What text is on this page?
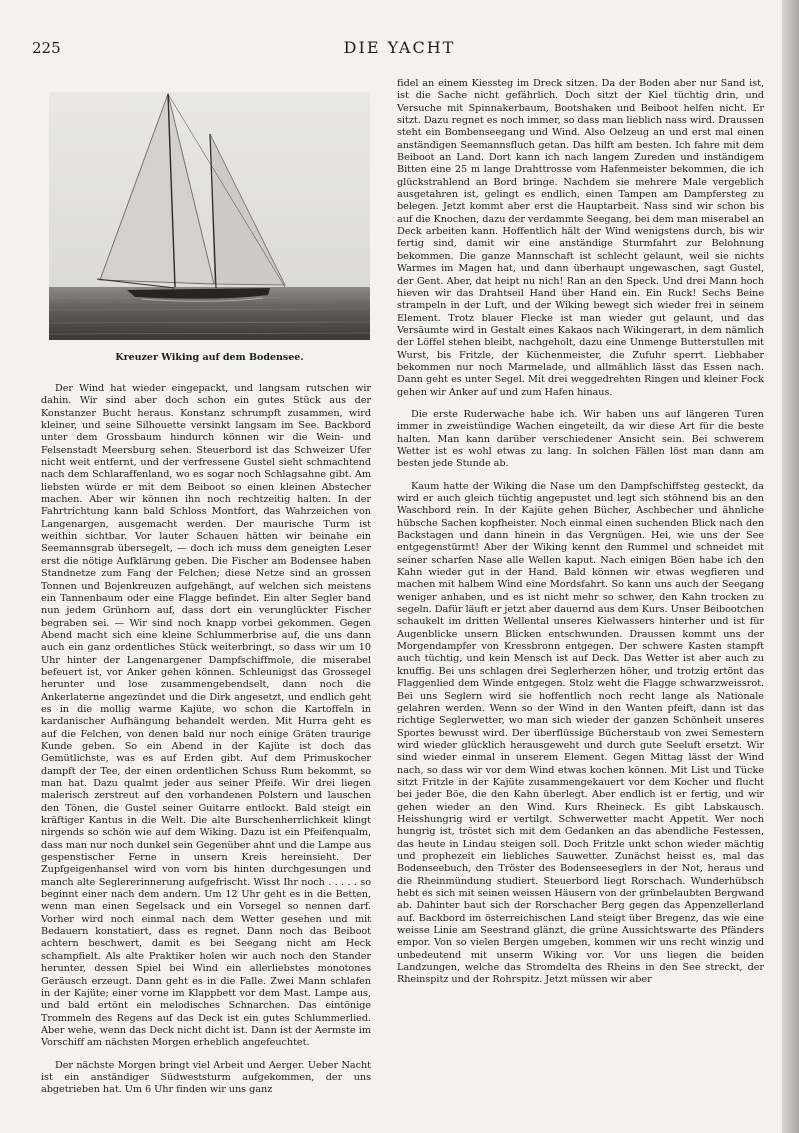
225	DIE YACHT
Kreuzer Wiking auf dem Bodensee.

Der Wind hat wieder eingepackt, und langsam rutschen wir dahin. Wir sind aber doch schon ein gutes Stück aus der Konstanzer Bucht heraus. Konstanz schrumpft zusammen, wird kleiner, und seine Silhouette versinkt langsam im See. Backbord unter dem Grossbaum hindurch können wir die Wein- und Felsenstadt Meersburg sehen. Steuerbord ist das Schweizer Ufer nicht weit entfernt, und der verfressene Gustel sieht schmachtend nach dem Schlaraffenland, wo es sogar noch Schlagsahne gibt. Am liebsten würde er mit dem Beiboot so einen kleinen Abstecher machen. Aber wir können ihn noch rechtzeitig halten. In der Fahrtrichtung kann bald Schloss Montfort, das Wahrzeichen von Langenargen, ausgemacht werden. Der maurische Turm ist weithin sichtbar. Vor lauter Schauen hätten wir beinahe ein Seemannsgrab übersegelt, — doch ich muss dem geneigten Leser erst die nötige Aufklärung geben. Die Fischer am Bodensee haben Standnetze zum Fang der Felchen; diese Netze sind an grossen Tonnen und Bojenkreuzen aufgehängt, auf welchen sich meistens ein Tannenbaum oder eine Flagge befindet. Ein alter Segler band nun jedem Grünhorn auf, dass dort ein verunglückter Fischer begraben sei. — Wir sind noch knapp vorbei gekommen. Gegen Abend macht sich eine kleine Schlummerbrise auf, die uns dann auch ein ganz ordentliches Stück weiterbringt, so dass wir um 10 Uhr hinter der Langenargener Dampfschiffmole, die miserabel befeuert ist, vor Anker gehen können. Schleunigst das Grossegel herunter und lose zusammengebendselt, dann noch die Ankerlaterne angezündet und die Dirk angesetzt, und endlich geht es in die mollig warme Kajüte, wo schon die Kartoffeln in kardanischer Aufhängung behandelt werden. Mit Hurra geht es auf die Felchen, von denen bald nur noch einige Gräten traurige Kunde geben. So ein Abend in der Kajüte ist doch das Gemütlichste, was es auf Erden gibt. Auf dem Primuskocher dampft der Tee, der einen ordentlichen Schuss Rum bekommt, so man hat. Dazu qualmt jeder aus seiner Pfeife. Wir drei liegen malerisch zerstreut auf den vorhandenen Polstern und lauschen den Tönen, die Gustel seiner Guitarre entlockt. Bald steigt ein kräftiger Kantus in die Welt. Die alte Burschenherrlichkeit klingt nirgends so schön wie auf dem Wiking. Dazu ist ein Pfeifenqualm, dass man nur noch dunkel sein Gegenüber ahnt und die Lampe aus gespenstischer Ferne in unsern Kreis hereinsieht. Der Zupfgeigenhansel wird von vorn bis hinten durchgesungen und manch alte Seglererinnerung aufgefrischt. Wisst Ihr noch . . . . . so beginnt einer nach dem andern. Um 12 Uhr geht es in die Betten, wenn man einen Segelsack und ein Vorsegel so nennen darf. Vorher wird noch einmal nach dem Wetter gesehen und mit Bedauern konstatiert, dass es regnet. Dann noch das Beiboot achtern beschwert, damit es bei Seegang nicht am Heck schampfielt. Als alte Praktiker holen wir auch noch den Stander herunter, dessen Spiel bei Wind ein allerliebstes monotones Geräusch erzeugt. Dann geht es in die Falle. Zwei Mann schlafen in der Kajüte; einer vorne im Klappbett vor dem Mast. Lampe aus, und bald ertönt ein melodisches Schnarchen. Das eintönige Trommeln des Regens auf das Deck ist ein gutes Schlummerlied. Aber wehe, wenn das Deck nicht dicht ist. Dann ist der Aermste im Vorschiff am nächsten Morgen erheblich angefeuchtet.

Der nächste Morgen bringt viel Arbeit und Aerger. Ueber Nacht ist ein anständiger Südweststurm aufgekommen, der uns abgetrieben hat. Um 6 Uhr finden wir uns ganz

fidel an einem Kiessteg im Dreck sitzen. Da der Boden aber nur Sand ist, ist die Sache nicht gefährlich. Doch sitzt der Kiel tüchtig drin, und Versuche mit Spinnakerbaum, Bootshaken und Beiboot helfen nicht. Er sitzt. Dazu regnet es noch immer, so dass man lieblich nass wird. Draussen steht ein Bombenseegang und Wind. Also Oelzeug an und erst mal einen anständigen Seemannsfluch getan. Das hilft am besten. Ich fahre mit dem Beiboot an Land. Dort kann ich nach langem Zureden und inständigem Bitten eine 25 m lange Drahttrosse vom Hafenmeister bekommen, die ich glückstrahlend an Bord bringe. Nachdem sie mehrere Male vergeblich ausgetahren ist, gelingt es endlich, einen Tampen am Dampfersteg zu belegen. Jetzt kommt aber erst die Hauptarbeit. Nass sind wir schon bis auf die Knochen, dazu der verdammte Seegang, bei dem man miserabel an Deck arbeiten kann. Hoffentlich hält der Wind wenigstens durch, bis wir fertig sind, damit wir eine anständige Sturmfahrt zur Belohnung bekommen. Die ganze Mannschaft ist schlecht gelaunt, weil sie nichts Warmes im Magen hat, und dann überhaupt ungewaschen, sagt Gustel, der Gent. Aber, dat heipt nu nich! Ran an den Speck. Und drei Mann hoch hieven wir das Drahtseil Hand über Hand ein. Ein Ruck! Sechs Beine strampeln in der Luft, und der Wiking bewegt sich wieder frei in seinem Element. Trotz blauer Flecke ist man wieder gut gelaunt, und das Versäumte wird in Gestalt eines Kakaos nach Wikingerart, in dem nämlich der Löffel stehen bleibt, nachgeholt, dazu eine Unmenge Butterstullen mit Wurst, bis Fritzle, der Küchenmeister, die Zufuhr sperrt. Liebhaber bekommen nur noch Marmelade, und allmählich lässt das Essen nach. Dann geht es unter Segel. Mit drei weggedrehten Ringen und kleiner Fock gehen wir Anker auf und zum Hafen hinaus.

Die erste Ruderwache habe ich. Wir haben uns auf längeren Turen immer in zweistündige Wachen eingeteilt, da wir diese Art für die beste halten. Man kann darüber verschiedener Ansicht sein. Bei schwerem Wetter ist es wohl etwas zu lang. In solchen Fällen löst man dann am besten jede Stunde ab.

Kaum hatte der Wiking die Nase um den Dampfschiffsteg gesteckt, da wird er auch gleich tüchtig angepustet und legt sich stöhnend bis an den Waschbord rein. In der Kajüte gehen Bücher, Aschbecher und ähnliche hübsche Sachen kopfheister. Noch einmal einen suchenden Blick nach den Backstagen und dann hinein in das Vergnügen. Hei, wie uns der See entgegenstürmt! Aber der Wiking kennt den Rummel und schneidet mit seiner scharfen Nase alle Wellen kaput. Nach einigen Böen habe ich den Kahn wieder gut in der Hand. Bald können wir etwas wegfieren und machen mit halbem Wind eine Mordsfahrt. So kann uns auch der Seegang weniger anhaben, und es ist nicht mehr so schwer, den Kahn trocken zu segeln. Dafür läuft er jetzt aber dauernd aus dem Kurs. Unser Beibootchen schaukelt im dritten Wellental unseres Kielwassers hinterher und ist für Augenblicke unsern Blicken entschwunden. Draussen kommt uns der Morgendampfer von Kressbronn entgegen. Der schwere Kasten stampft auch tüchtig, und kein Mensch ist auf Deck. Das Wetter ist aber auch zu knuffig. Bei uns schlagen drei Seglerherzen höher, und trotzig ertönt das Flaggenlied dem Winde entgegen. Stolz weht die Flagge schwarzweissrot. Bei uns Seglern wird sie hoffentlich noch recht lange als Nationale gelahren werden. Wenn so der Wind in den Wanten pfeift, dann ist das richtige Seglerwetter, wo man sich wieder der ganzen Schönheit unseres Sportes bewusst wird. Der überflüssige Bücherstaub von zwei Semestern wird wieder glücklich herausgeweht und durch gute Seeluft ersetzt. Wir sind wieder einmal in unserem Element. Gegen Mittag lässt der Wind nach, so dass wir vor dem Wind etwas kochen können. Mit List und Tücke sitzt Fritzle in der Kajüte zusammengekauert vor dem Kocher und flucht bei jeder Böe, die den Kahn überlegt. Aber endlich ist er fertig, und wir gehen wieder an den Wind. Kurs Rheineck. Es gibt Labskausch. Heisshungrig wird er vertilgt. Schwerwetter macht Appetit. Wer noch hungrig ist, tröstet sich mit dem Gedanken an das abendliche Festessen, das heute in Lindau steigen soll. Doch Fritzle unkt schon wieder mächtig und prophezeit ein liebliches Sauwetter. Zunächst heisst es, mal das Bodenseebuch, den Tröster des Bodenseeseglers in der Not, heraus und die Rheinmündung studiert. Steuerbord liegt Rorschach. Wunderhübsch hebt es sich mit seinen weissen Häusern von der grünbelaubten Bergwand ab. Dahinter baut sich der Rorschacher Berg gegen das Appenzellerland auf. Backbord im österreichischen Land steigt über Bregenz, das wie eine weisse Linie am Seestrand glänzt, die grüne Aussichtswarte des Pfänders empor. Von so vielen Bergen umgeben, kommen wir uns recht winzig und unbedeutend mit unserm Wiking vor. Vor uns liegen die beiden Landzungen, welche das Stromdelta des Rheins in den See streckt, der Rheinspitz und der Rohrspitz. Jetzt müssen wir aber
